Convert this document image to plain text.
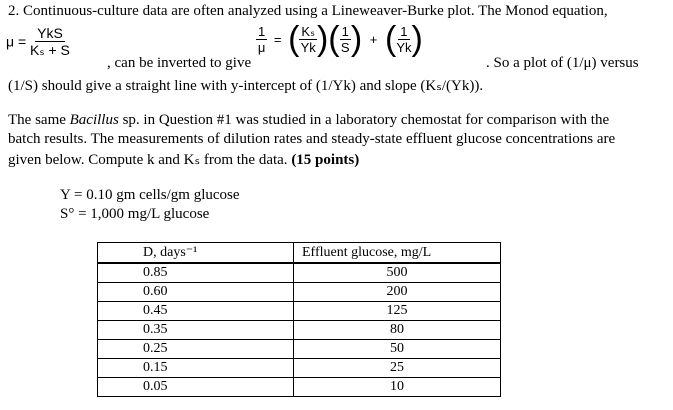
2. Continuous-culture data are often analyzed using a Lineweaver-Burke plot. The Monod equation,
$\mu = \frac{\text{YkS}}{\text{Kₛ + S}}$
, can be inverted to give
$\frac{1}{\mu}$ = ( $\frac{\text{Kₛ}}{Yk}$ )( $\frac{1}{S}$ ) + ( $\frac{1}{Yk}$ )
. So a plot of (1/μ) versus
(1/S) should give a straight line with y-intercept of (1/Yk) and slope (Kₛ/(Yk)).
The same Bacillus sp. in Question #1 was studied in a laboratory chemostat for comparison with the
batch results. The measurements of dilution rates and steady-state effluent glucose concentrations are
given below. Compute k and Kₛ from the data. (15 points)
Y = 0.10 gm cells/gm glucose
S° = 1,000 mg/L glucose
D, days⁻¹	Effluent glucose, mg/L
0.85	500
0.60	200
0.45	125
0.35	80
0.25	50
0.15	25
0.05	10
